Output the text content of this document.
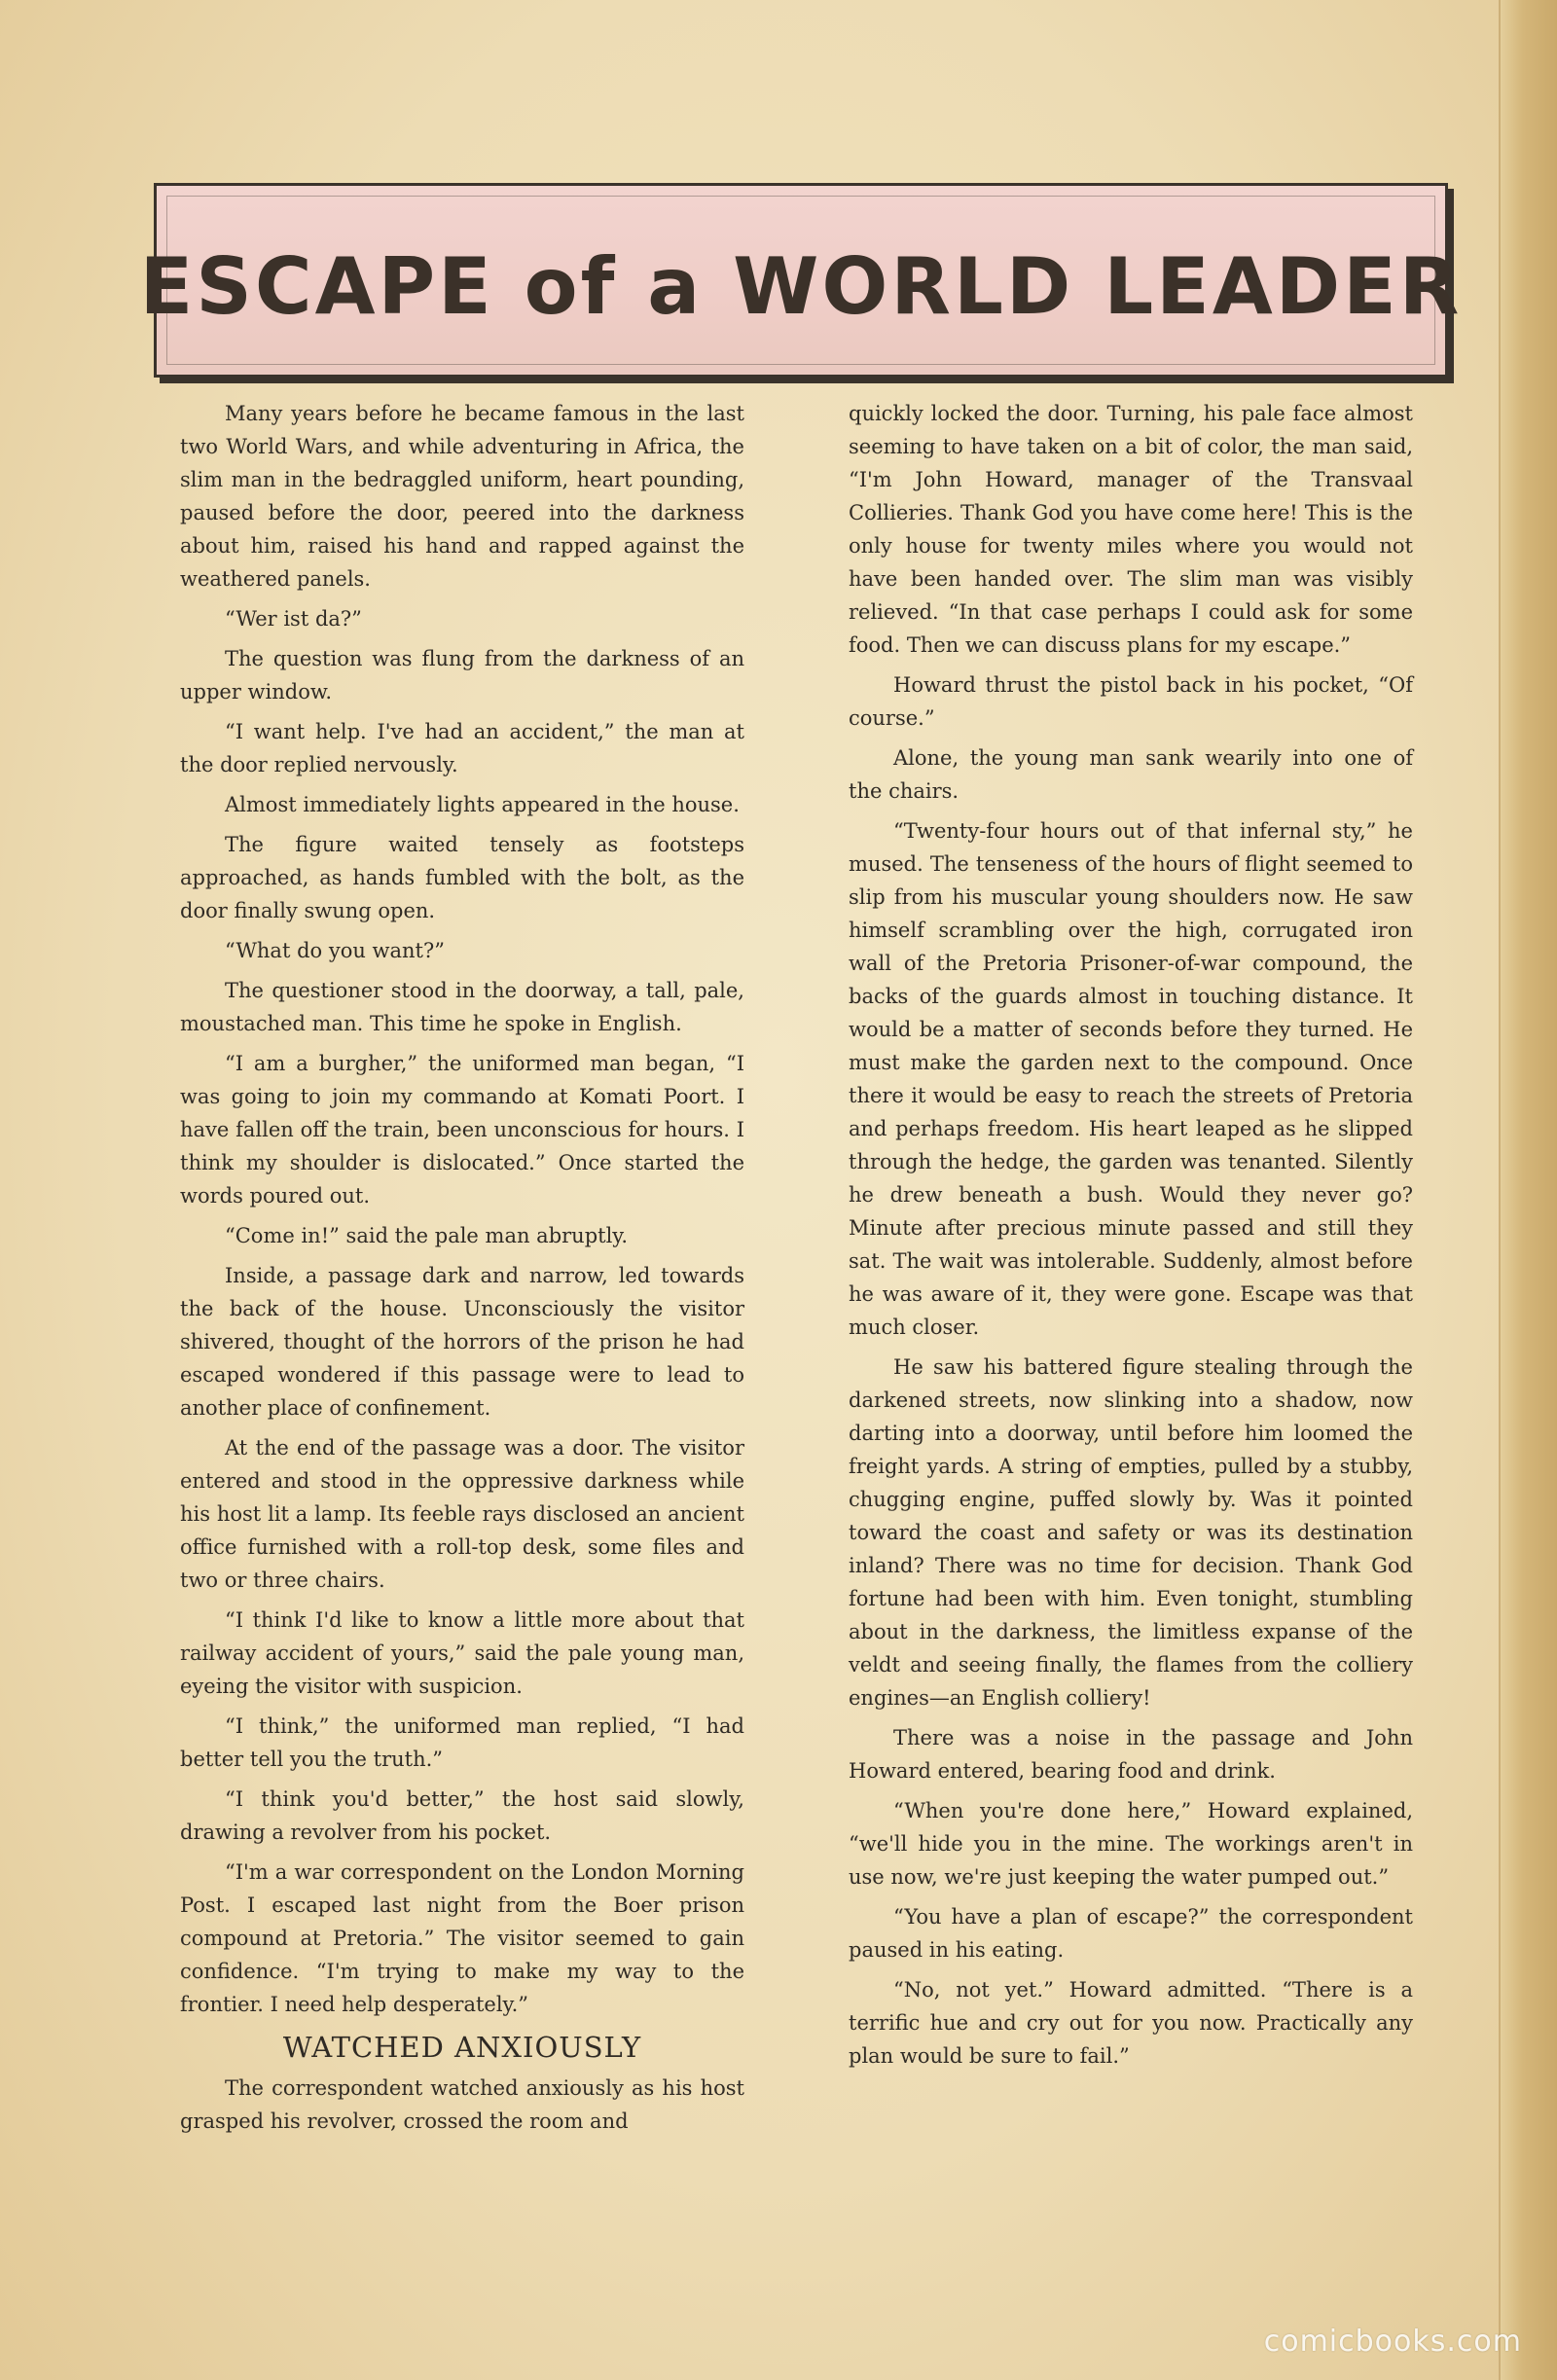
ESCAPE of a WORLD LEADER

Many years before he became famous in the last two World Wars, and while adventuring in Africa, the slim man in the bedraggled uniform, heart pounding, paused before the door, peered into the darkness about him, raised his hand and rapped against the weathered panels.

“Wer ist da?”

The question was flung from the darkness of an upper window.

“I want help. I've had an accident,” the man at the door replied nervously.

Almost immediately lights appeared in the house.

The figure waited tensely as footsteps approached, as hands fumbled with the bolt, as the door finally swung open.

“What do you want?”

The questioner stood in the doorway, a tall, pale, moustached man. This time he spoke in English.

“I am a burgher,” the uniformed man began, “I was going to join my commando at Komati Poort. I have fallen off the train, been unconscious for hours. I think my shoulder is dislocated.” Once started the words poured out.

“Come in!” said the pale man abruptly.

Inside, a passage dark and narrow, led towards the back of the house. Unconsciously the visitor shivered, thought of the horrors of the prison he had escaped wondered if this passage were to lead to another place of confinement.

At the end of the passage was a door. The visitor entered and stood in the oppressive darkness while his host lit a lamp. Its feeble rays disclosed an ancient office furnished with a roll-top desk, some files and two or three chairs.

“I think I'd like to know a little more about that railway accident of yours,” said the pale young man, eyeing the visitor with suspicion.

“I think,” the uniformed man replied, “I had better tell you the truth.”

“I think you'd better,” the host said slowly, drawing a revolver from his pocket.

“I'm a war correspondent on the London Morning Post. I escaped last night from the Boer prison compound at Pretoria.” The visitor seemed to gain confidence. “I'm trying to make my way to the frontier. I need help desperately.”

WATCHED ANXIOUSLY

The correspondent watched anxiously as his host grasped his revolver, crossed the room and

quickly locked the door. Turning, his pale face almost seeming to have taken on a bit of color, the man said, “I'm John Howard, manager of the Transvaal Collieries. Thank God you have come here! This is the only house for twenty miles where you would not have been handed over. The slim man was visibly relieved. “In that case perhaps I could ask for some food. Then we can discuss plans for my escape.”

Howard thrust the pistol back in his pocket, “Of course.”

Alone, the young man sank wearily into one of the chairs.

“Twenty-four hours out of that infernal sty,” he mused. The tenseness of the hours of flight seemed to slip from his muscular young shoulders now. He saw himself scrambling over the high, corrugated iron wall of the Pretoria Prisoner-of-war compound, the backs of the guards almost in touching distance. It would be a matter of seconds before they turned. He must make the garden next to the compound. Once there it would be easy to reach the streets of Pretoria and perhaps freedom. His heart leaped as he slipped through the hedge, the garden was tenanted. Silently he drew beneath a bush. Would they never go? Minute after precious minute passed and still they sat. The wait was intolerable. Suddenly, almost before he was aware of it, they were gone. Escape was that much closer.

He saw his battered figure stealing through the darkened streets, now slinking into a shadow, now darting into a doorway, until before him loomed the freight yards. A string of empties, pulled by a stubby, chugging engine, puffed slowly by. Was it pointed toward the coast and safety or was its destination inland? There was no time for decision. Thank God fortune had been with him. Even tonight, stumbling about in the darkness, the limitless expanse of the veldt and seeing finally, the flames from the colliery engines—an English colliery!

There was a noise in the passage and John Howard entered, bearing food and drink.

“When you're done here,” Howard explained, “we'll hide you in the mine. The workings aren't in use now, we're just keeping the water pumped out.”

“You have a plan of escape?” the correspondent paused in his eating.

“No, not yet.” Howard admitted. “There is a terrific hue and cry out for you now. Practically any plan would be sure to fail.”

comicbooks.com
